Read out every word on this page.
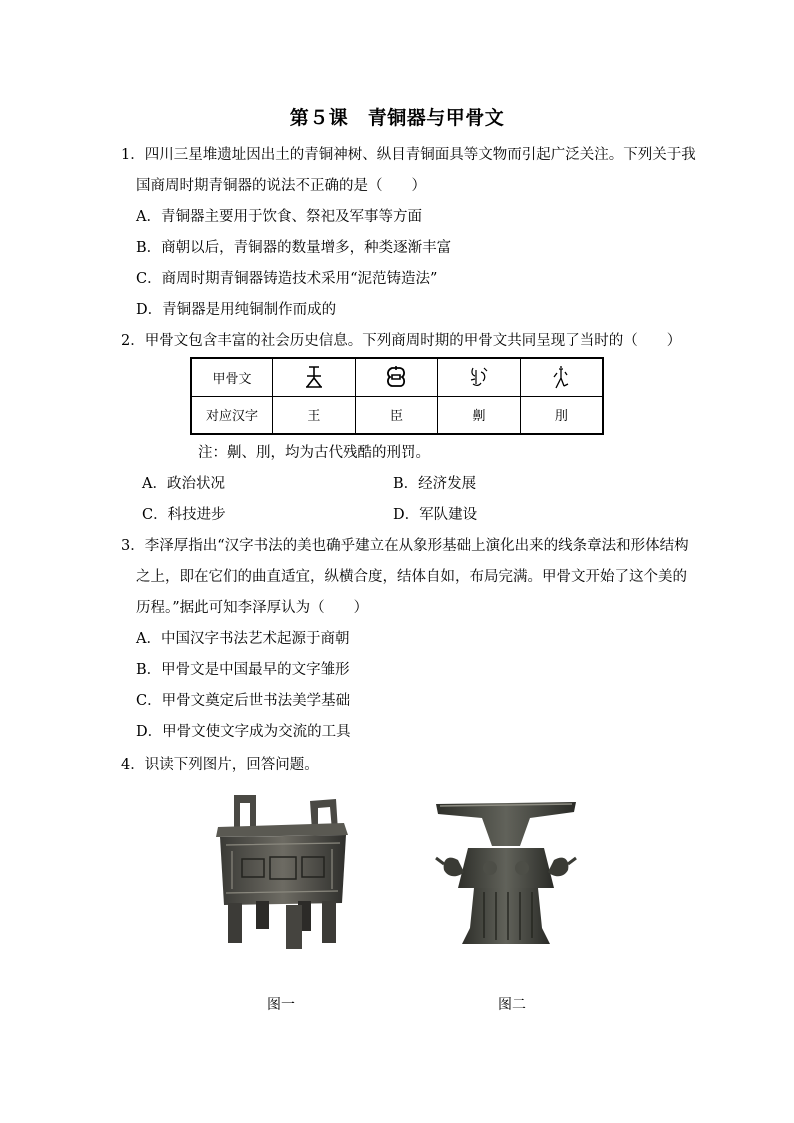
第５课　青铜器与甲骨文
1．四川三星堆遗址因出土的青铜神树、纵目青铜面具等文物而引起广泛关注。下列关于我
国商周时期青铜器的说法不正确的是（　　）
A．青铜器主要用于饮食、祭祀及军事等方面
B．商朝以后，青铜器的数量增多，种类逐渐丰富
C．商周时期青铜器铸造技术采用“泥范铸造法”
D．青铜器是用纯铜制作而成的
2．甲骨文包含丰富的社会历史信息。下列商周时期的甲骨文共同呈现了当时的（　　）
甲骨文	

对应汉字	王	臣	劓	刖
注：劓、刖，均为古代残酷的刑罚。
A．政治状况	B．经济发展
C．科技进步	D．军队建设
3．李泽厚指出“汉字书法的美也确乎建立在从象形基础上演化出来的线条章法和形体结构
之上，即在它们的曲直适宜，纵横合度，结体自如，布局完满。甲骨文开始了这个美的
历程。”据此可知李泽厚认为（　　）
A．中国汉字书法艺术起源于商朝
B．甲骨文是中国最早的文字雏形
C．甲骨文奠定后世书法美学基础
D．甲骨文使文字成为交流的工具
4．识读下列图片，回答问题。
图一	图二
